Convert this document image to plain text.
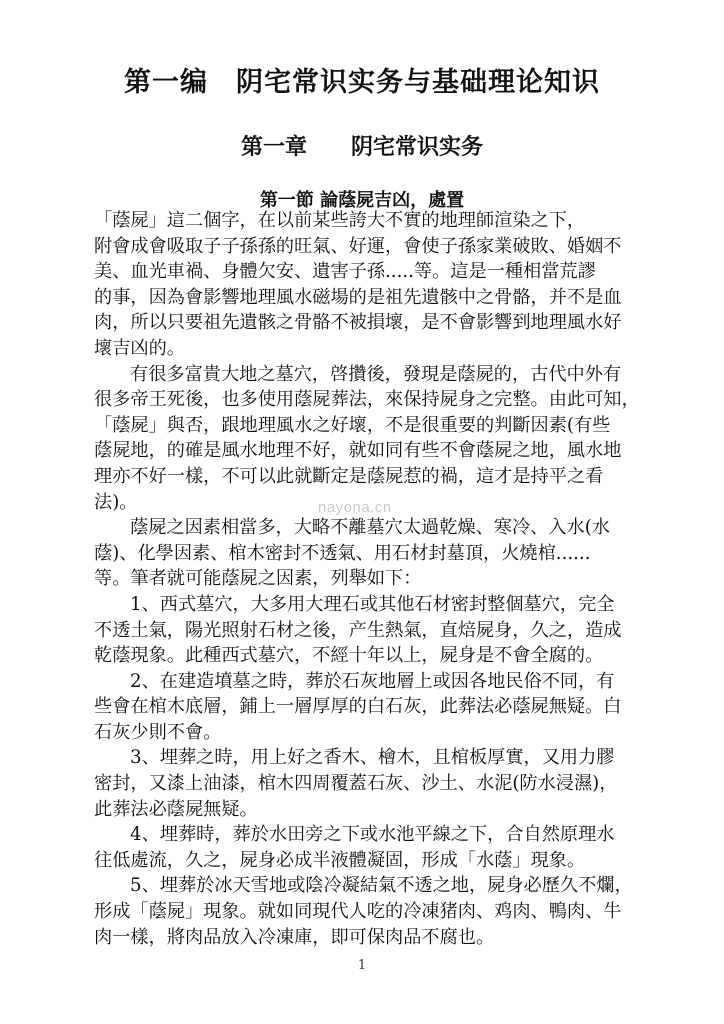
第一编　阴宅常识实务与基础理论知识
第一章　　阴宅常识实务
第一節 論蔭屍吉凶，處置
「蔭屍」這二個字，在以前某些誇大不實的地理師渲染之下，
附會成會吸取子子孫孫的旺氣、好運，會使子孫家業破敗、婚姻不
美、血光車禍、身體欠安、遺害子孫.....等。這是一種相當荒謬
的事，因為會影響地理風水磁場的是祖先遺骸中之骨骼，并不是血
肉，所以只要祖先遺骸之骨骼不被損壞，是不會影響到地理風水好
壞吉凶的。
有很多富貴大地之墓穴，啓攢後，發現是蔭屍的，古代中外有
很多帝王死後，也多使用蔭屍葬法，來保持屍身之完整。由此可知，
「蔭屍」與否，跟地理風水之好壞，不是很重要的判斷因素(有些
蔭屍地，的確是風水地理不好，就如同有些不會蔭屍之地，風水地
理亦不好一樣，不可以此就斷定是蔭屍惹的禍，這才是持平之看
法)。
蔭屍之因素相當多，大略不離墓穴太過乾燥、寒冷、入水(水
蔭)、化學因素、棺木密封不透氣、用石材封墓頂，火燒棺......
等。筆者就可能蔭屍之因素，列舉如下：
1、西式墓穴，大多用大理石或其他石材密封整個墓穴，完全
不透土氣，陽光照射石材之後，产生熱氣，直焙屍身，久之，造成
乾蔭現象。此種西式墓穴，不經十年以上，屍身是不會全腐的。
2、在建造墳墓之時，葬於石灰地層上或因各地民俗不同，有
些會在棺木底層，鋪上一層厚厚的白石灰，此葬法必蔭屍無疑。白
石灰少則不會。
3、埋葬之時，用上好之香木、檜木，且棺板厚實，又用力膠
密封，又漆上油漆，棺木四周覆蓋石灰、沙土、水泥(防水浸濕)，
此葬法必蔭屍無疑。
4、埋葬時，葬於水田旁之下或水池平線之下，合自然原理水
往低處流，久之，屍身必成半液體凝固，形成「水蔭」現象。
5、埋葬於冰天雪地或陰冷凝結氣不透之地，屍身必歷久不爛，
形成「蔭屍」現象。就如同現代人吃的冷凍猪肉、鸡肉、鴨肉、牛
肉一樣，將肉品放入冷凍庫，即可保肉品不腐也。
nayona.cn
1
